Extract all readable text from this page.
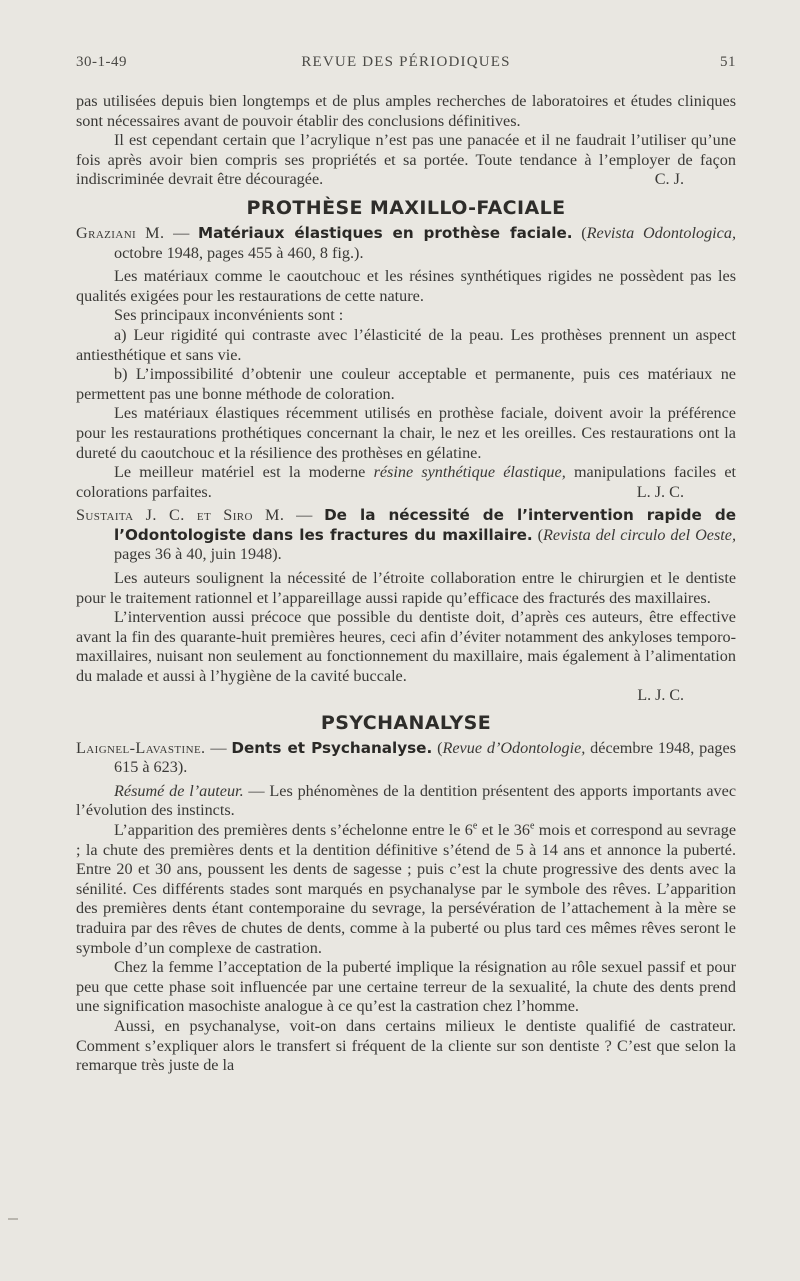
30-1-49	REVUE DES PÉRIODIQUES	51

pas utilisées depuis bien longtemps et de plus amples recherches de laboratoires et études cliniques sont nécessaires avant de pouvoir établir des conclusions définitives.

Il est cependant certain que l’acrylique n’est pas une panacée et il ne faudrait l’utiliser qu’une fois après avoir bien compris ses propriétés et sa portée. Toute tendance à l’employer de façon indiscriminée devrait être découragée.	C. J.

PROTHÈSE MAXILLO-FACIALE

Graziani M. — Matériaux élastiques en prothèse faciale. (Revista Odontologica, octobre 1948, pages 455 à 460, 8 fig.).

Les matériaux comme le caoutchouc et les résines synthétiques rigides ne possèdent pas les qualités exigées pour les restaurations de cette nature.

Ses principaux inconvénients sont :

a) Leur rigidité qui contraste avec l’élasticité de la peau. Les prothèses prennent un aspect antiesthétique et sans vie.

b) L’impossibilité d’obtenir une couleur acceptable et permanente, puis ces matériaux ne permettent pas une bonne méthode de coloration.

Les matériaux élastiques récemment utilisés en prothèse faciale, doivent avoir la préférence pour les restaurations prothétiques concernant la chair, le nez et les oreilles. Ces restaurations ont la dureté du caoutchouc et la résilience des prothèses en gélatine.

Le meilleur matériel est la moderne résine synthétique élastique, manipulations faciles et colorations parfaites.	L. J. C.

Sustaita J. C. et Siro M. — De la nécessité de l’intervention rapide de l’Odontologiste dans les fractures du maxillaire. (Revista del circulo del Oeste, pages 36 à 40, juin 1948).

Les auteurs soulignent la nécessité de l’étroite collaboration entre le chirurgien et le dentiste pour le traitement rationnel et l’appareillage aussi rapide qu’efficace des fracturés des maxillaires.

L’intervention aussi précoce que possible du dentiste doit, d’après ces auteurs, être effective avant la fin des quarante-huit premières heures, ceci afin d’éviter notamment des ankyloses temporo-maxillaires, nuisant non seulement au fonctionnement du maxillaire, mais également à l’alimentation du malade et aussi à l’hygiène de la cavité buccale.

L. J. C.
PSYCHANALYSE

Laignel-Lavastine. — Dents et Psychanalyse. (Revue d’Odontologie, décembre 1948, pages 615 à 623).

Résumé de l’auteur. — Les phénomènes de la dentition présentent des apports importants avec l’évolution des instincts.

L’apparition des premières dents s’échelonne entre le 6e et le 36e mois et correspond au sevrage ; la chute des premières dents et la dentition définitive s’étend de 5 à 14 ans et annonce la puberté. Entre 20 et 30 ans, poussent les dents de sagesse ; puis c’est la chute progressive des dents avec la sénilité. Ces différents stades sont marqués en psychanalyse par le symbole des rêves. L’apparition des premières dents étant contemporaine du sevrage, la persévération de l’attachement à la mère se traduira par des rêves de chutes de dents, comme à la puberté ou plus tard ces mêmes rêves seront le symbole d’un complexe de castration.

Chez la femme l’acceptation de la puberté implique la résignation au rôle sexuel passif et pour peu que cette phase soit influencée par une certaine terreur de la sexualité, la chute des dents prend une signification masochiste analogue à ce qu’est la castration chez l’homme.

Aussi, en psychanalyse, voit-on dans certains milieux le dentiste qualifié de castrateur. Comment s’expliquer alors le transfert si fréquent de la cliente sur son dentiste ? C’est que selon la remarque très juste de la
